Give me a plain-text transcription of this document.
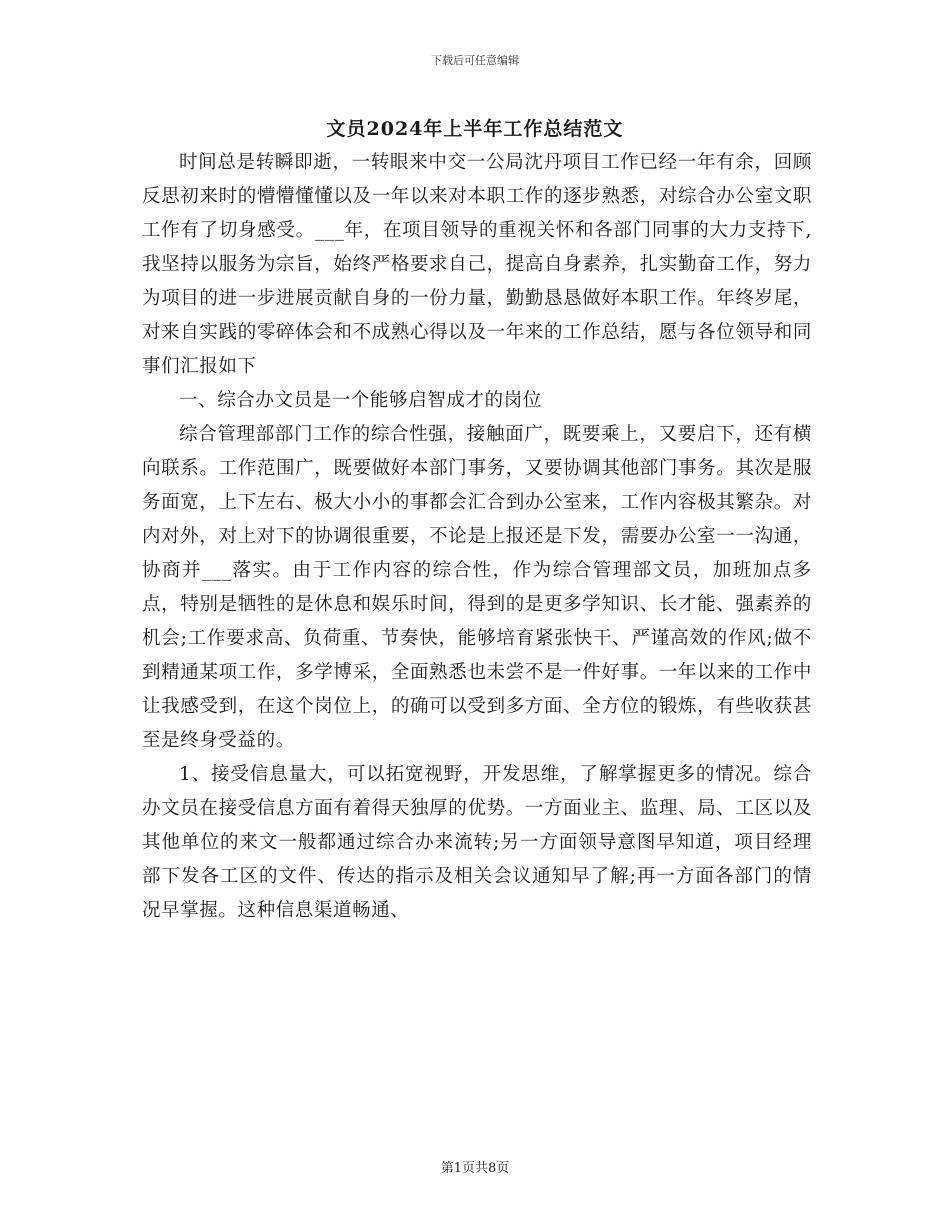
下载后可任意编辑
文员2024年上半年工作总结范文

时间总是转瞬即逝，一转眼来中交一公局沈丹项目工作已经一年有余，回顾反思初来时的懵懵懂懂以及一年以来对本职工作的逐步熟悉，对综合办公室文职工作有了切身感受。___年，在项目领导的重视关怀和各部门同事的大力支持下,我坚持以服务为宗旨，始终严格要求自己，提高自身素养，扎实勤奋工作，努力为项目的进一步进展贡献自身的一份力量，勤勤恳恳做好本职工作。年终岁尾，对来自实践的零碎体会和不成熟心得以及一年来的工作总结，愿与各位领导和同事们汇报如下

一、综合办文员是一个能够启智成才的岗位

综合管理部部门工作的综合性强，接触面广，既要乘上，又要启下，还有横向联系。工作范围广，既要做好本部门事务，又要协调其他部门事务。其次是服务面宽，上下左右、极大小小的事都会汇合到办公室来，工作内容极其繁杂。对内对外，对上对下的协调很重要，不论是上报还是下发，需要办公室一一沟通，协商并___落实。由于工作内容的综合性，作为综合管理部文员，加班加点多点，特别是牺牲的是休息和娱乐时间，得到的是更多学知识、长才能、强素养的机会;工作要求高、负荷重、节奏快，能够培育紧张快干、严谨高效的作风;做不到精通某项工作，多学博采，全面熟悉也未尝不是一件好事。一年以来的工作中让我感受到，在这个岗位上，的确可以受到多方面、全方位的锻炼，有些收获甚至是终身受益的。

1、接受信息量大，可以拓宽视野，开发思维，了解掌握更多的情况。综合办文员在接受信息方面有着得天独厚的优势。一方面业主、监理、局、工区以及其他单位的来文一般都通过综合办来流转;另一方面领导意图早知道，项目经理部下发各工区的文件、传达的指示及相关会议通知早了解;再一方面各部门的情况早掌握。这种信息渠道畅通、

第1页共8页
